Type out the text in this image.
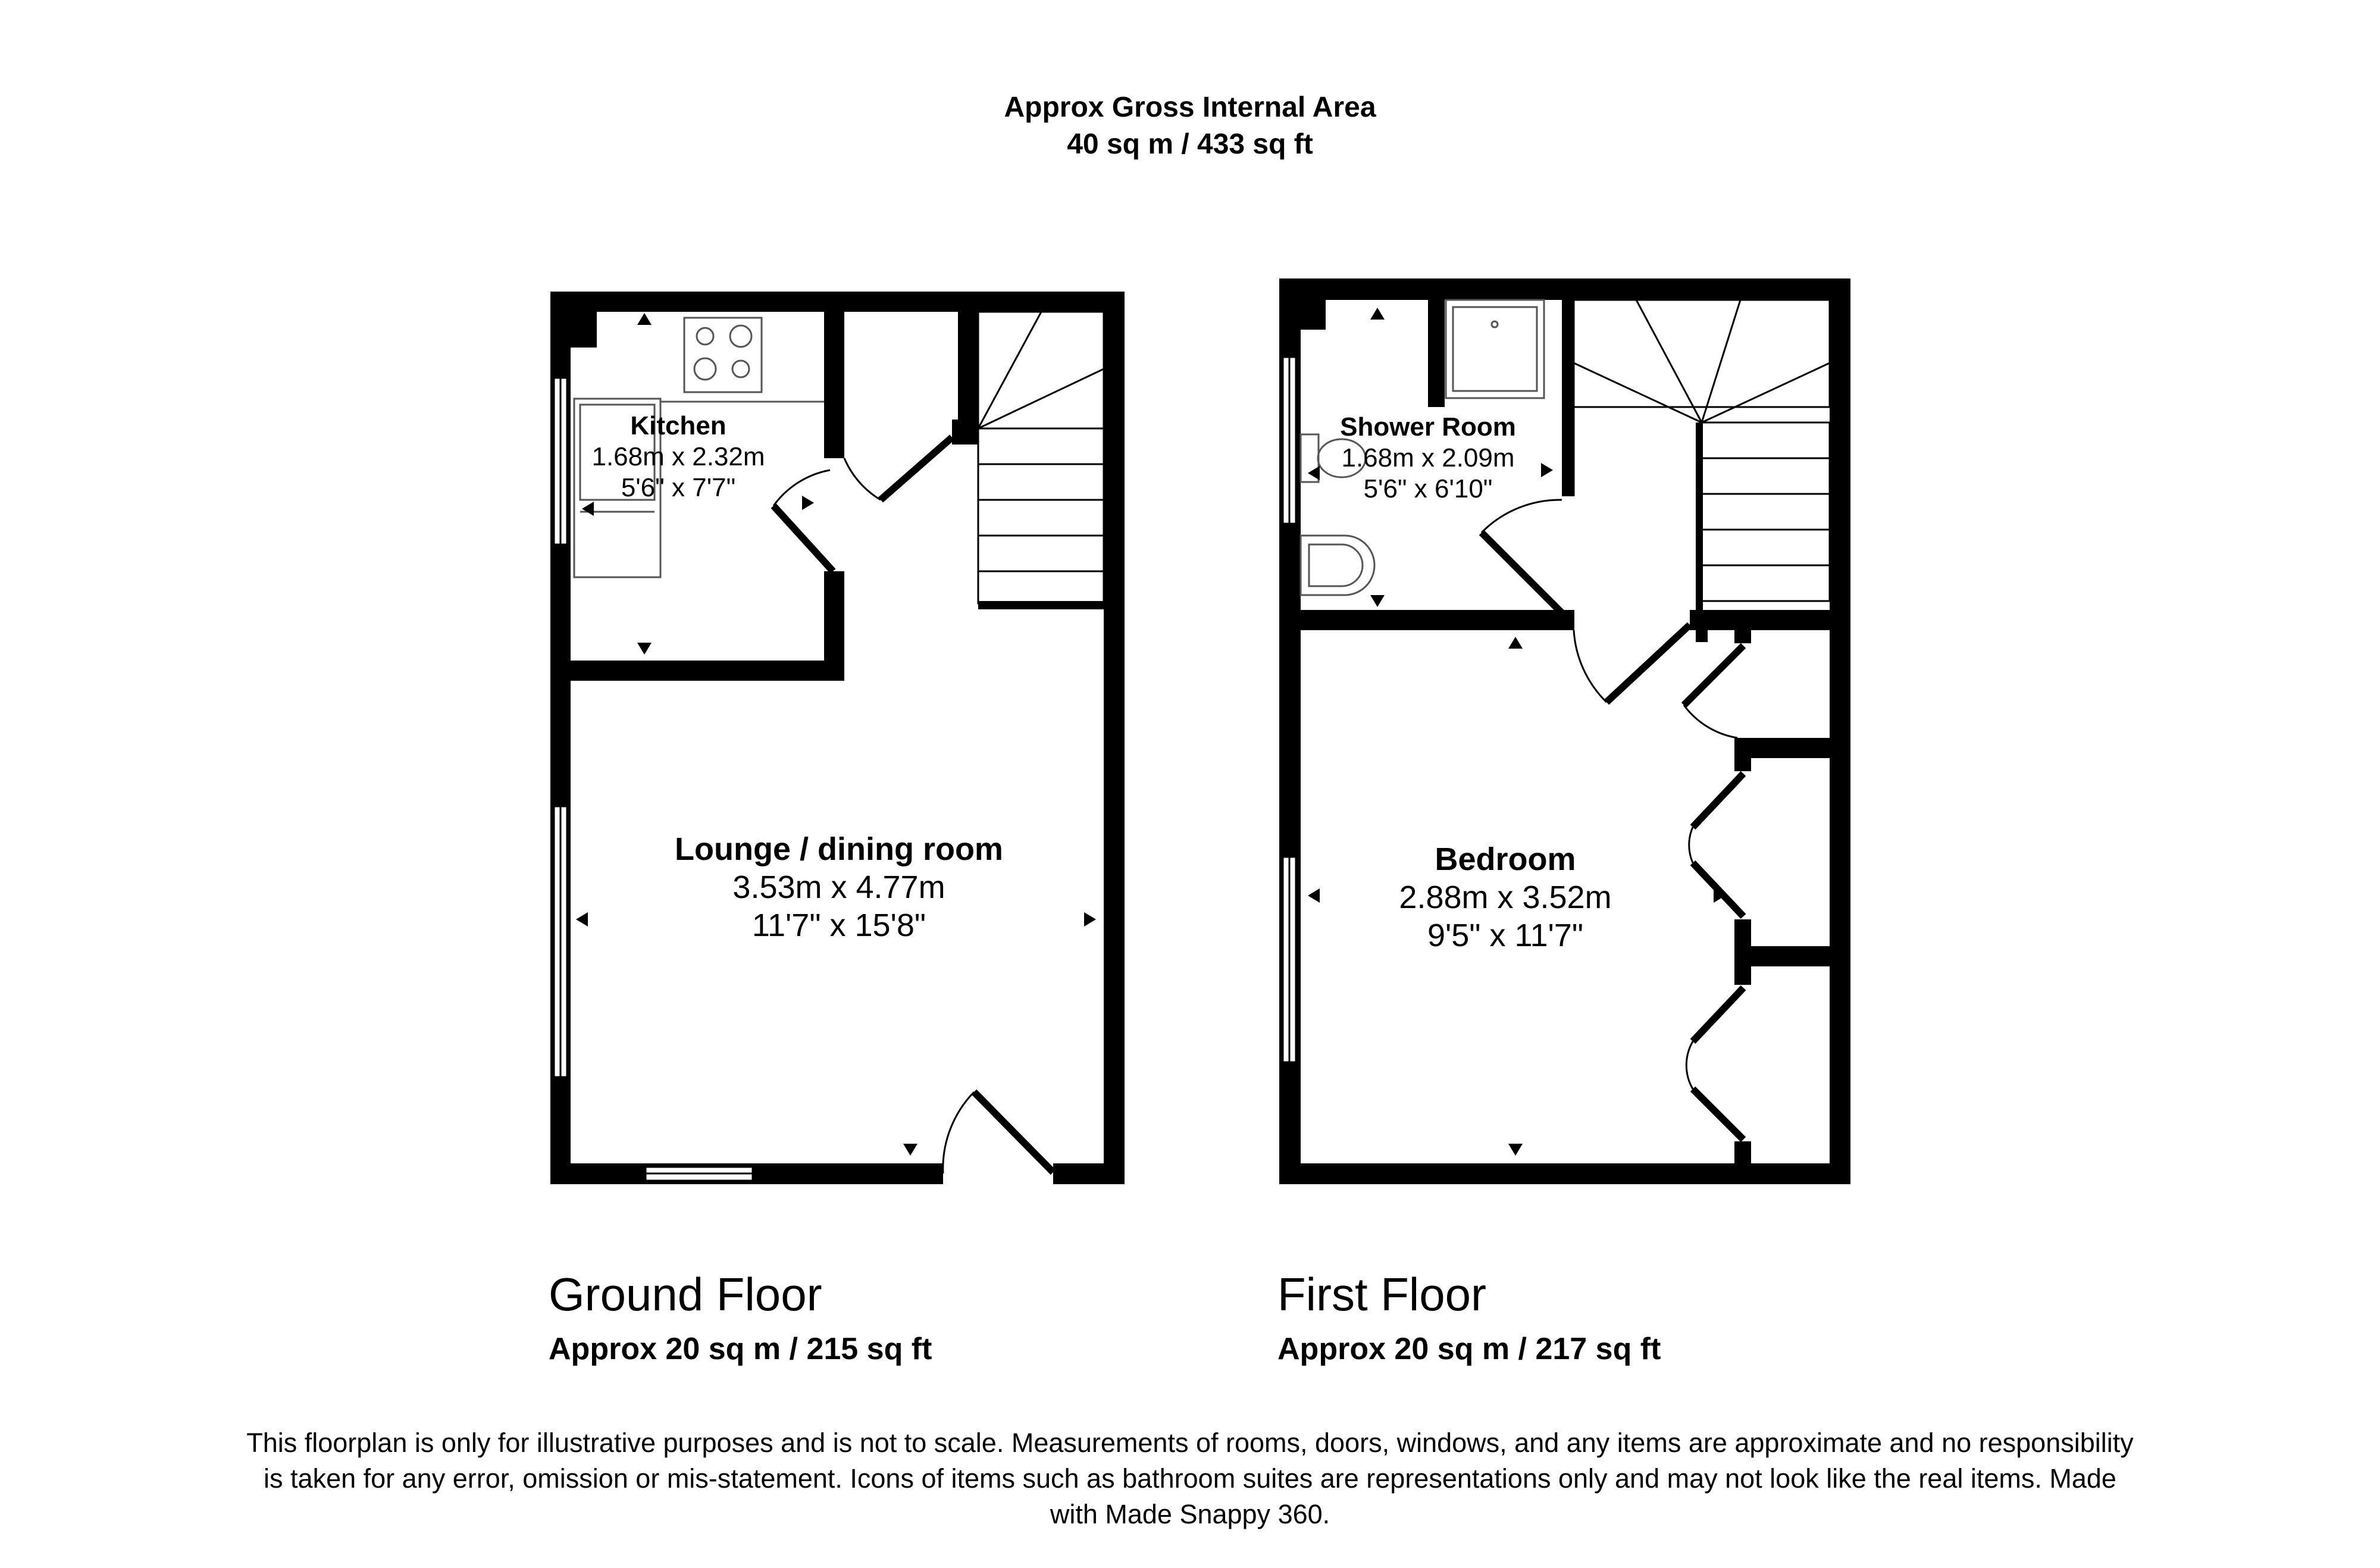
Approx Gross Internal Area
40 sq m / 433 sq ft
Kitchen
1.68m x 2.32m
5'6" x 7'7"
Lounge / dining room
3.53m x 4.77m
11'7" x 15'8"
Shower Room
1.68m x 2.09m
5'6" x 6'10"
Bedroom
2.88m x 3.52m
9'5" x 11'7"
Ground Floor
Approx 20 sq m / 215 sq ft
First Floor
Approx 20 sq m / 217 sq ft
This floorplan is only for illustrative purposes and is not to scale. Measurements of rooms, doors, windows, and any items are approximate and no responsibility is taken for any error, omission or mis-statement. Icons of items such as bathroom suites are representations only and may not look like the real items. Made with Made Snappy 360.
